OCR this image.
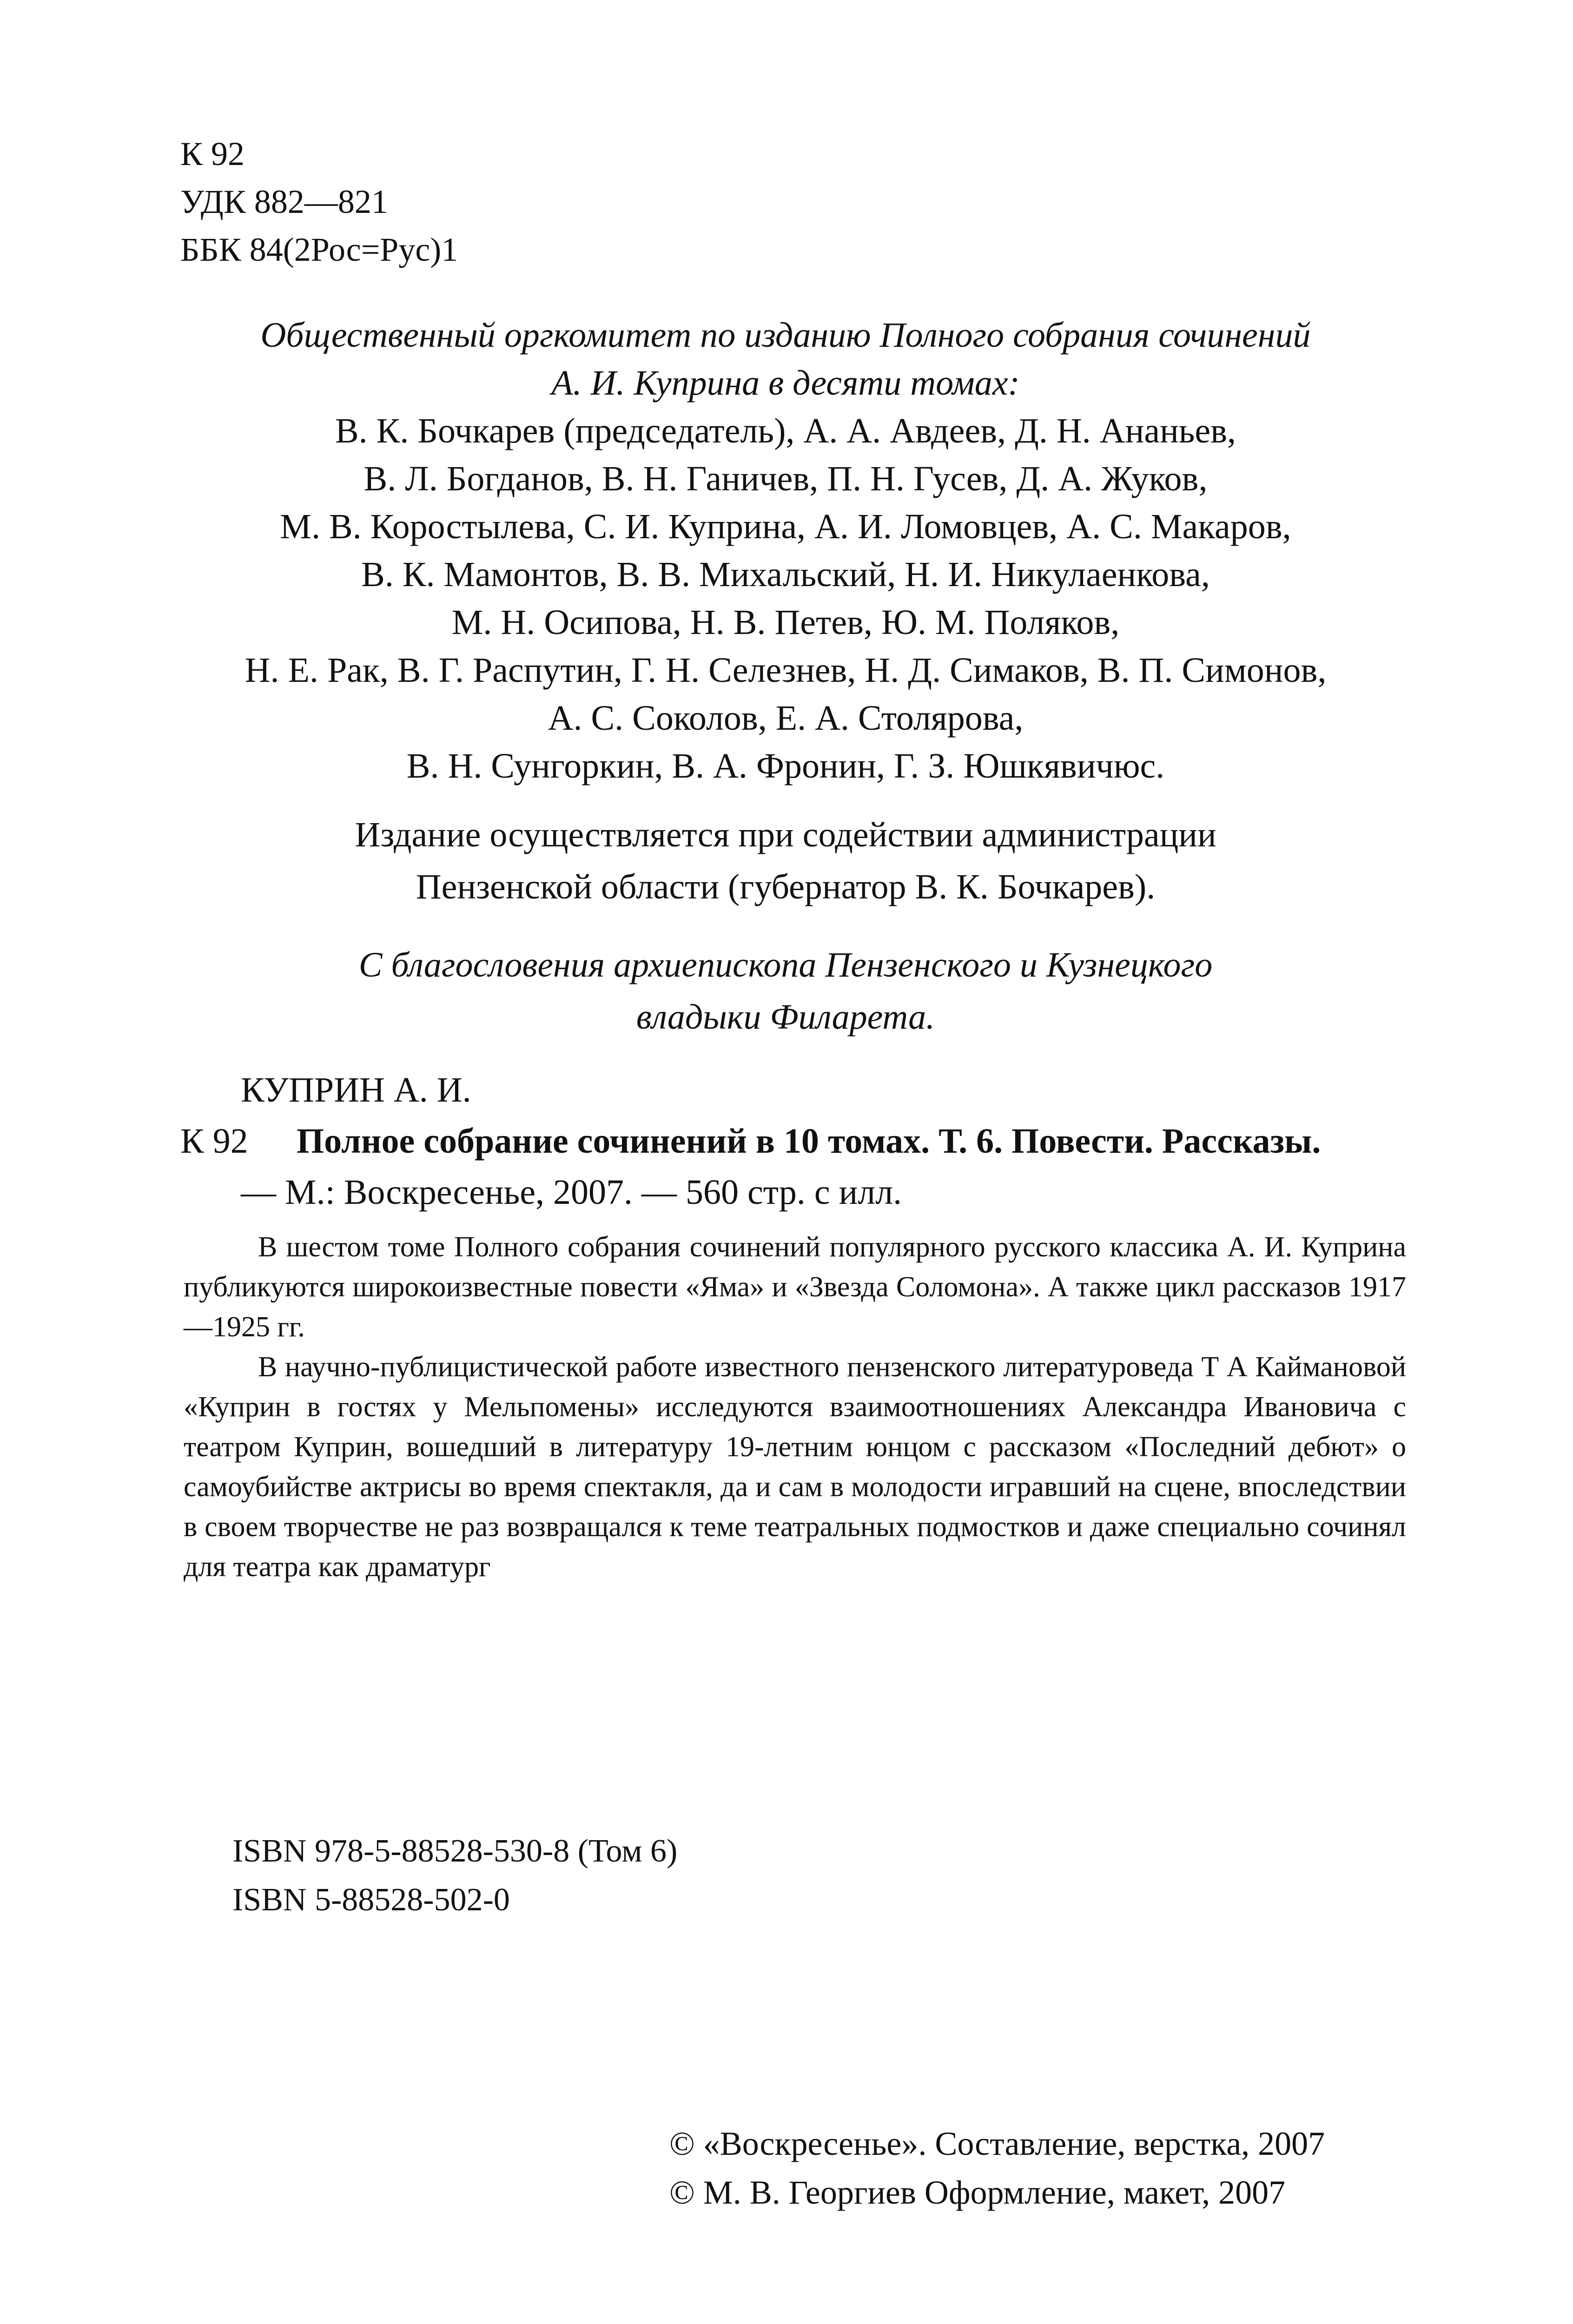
К 92
УДК 882—821
ББК 84(2Рос=Рус)1
Общественный оргкомитет по изданию Полного собрания сочинений
А. И. Куприна в десяти томах:
В. К. Бочкарев (председатель), А. А. Авдеев, Д. Н. Ананьев,
В. Л. Богданов, В. Н. Ганичев, П. Н. Гусев, Д. А. Жуков,
М. В. Коростылева, С. И. Куприна, А. И. Ломовцев, А. С. Макаров,
В. К. Мамонтов, В. В. Михальский, Н. И. Никулаенкова,
М. Н. Осипова, Н. В. Петев, Ю. М. Поляков,
Н. Е. Рак, В. Г. Распутин, Г. Н. Селезнев, Н. Д. Симаков, В. П. Симонов,
А. С. Соколов, Е. А. Столярова,
В. Н. Сунгоркин, В. А. Фронин, Г. З. Юшкявичюс.
Издание осуществляется при содействии администрации
Пензенской области (губернатор В. К. Бочкарев).
С благословения архиепископа Пензенского и Кузнецкого
владыки Филарета.
КУПРИН А. И.
К 92 Полное собрание сочинений в 10 томах. Т. 6. Повести. Рассказы.
— М.: Воскресенье, 2007. — 560 стр. с илл.

В шестом томе Полного собрания сочинений популярного русского классика А. И. Куприна публикуются широкоизвестные повести «Яма» и «Звезда Соломона». А также цикл рассказов 1917—1925 гг.

В научно-публицистической работе известного пензенского литературоведа Т А Каймановой «Куприн в гостях у Мельпомены» исследуются взаимоотношениях Александра Ивановича с театром Куприн, вошедший в литературу 19-летним юнцом с рассказом «Последний дебют» о самоубийстве актрисы во время спектакля, да и сам в молодости игравший на сцене, впоследствии в своем творчестве не раз возвращался к теме театральных подмостков и даже специально сочинял для театра как драматург

ISBN 978-5-88528-530-8 (Том 6)
ISBN 5-88528-502-0
© «Воскресенье». Составление, верстка, 2007
© М. В. Георгиев Оформление, макет, 2007
